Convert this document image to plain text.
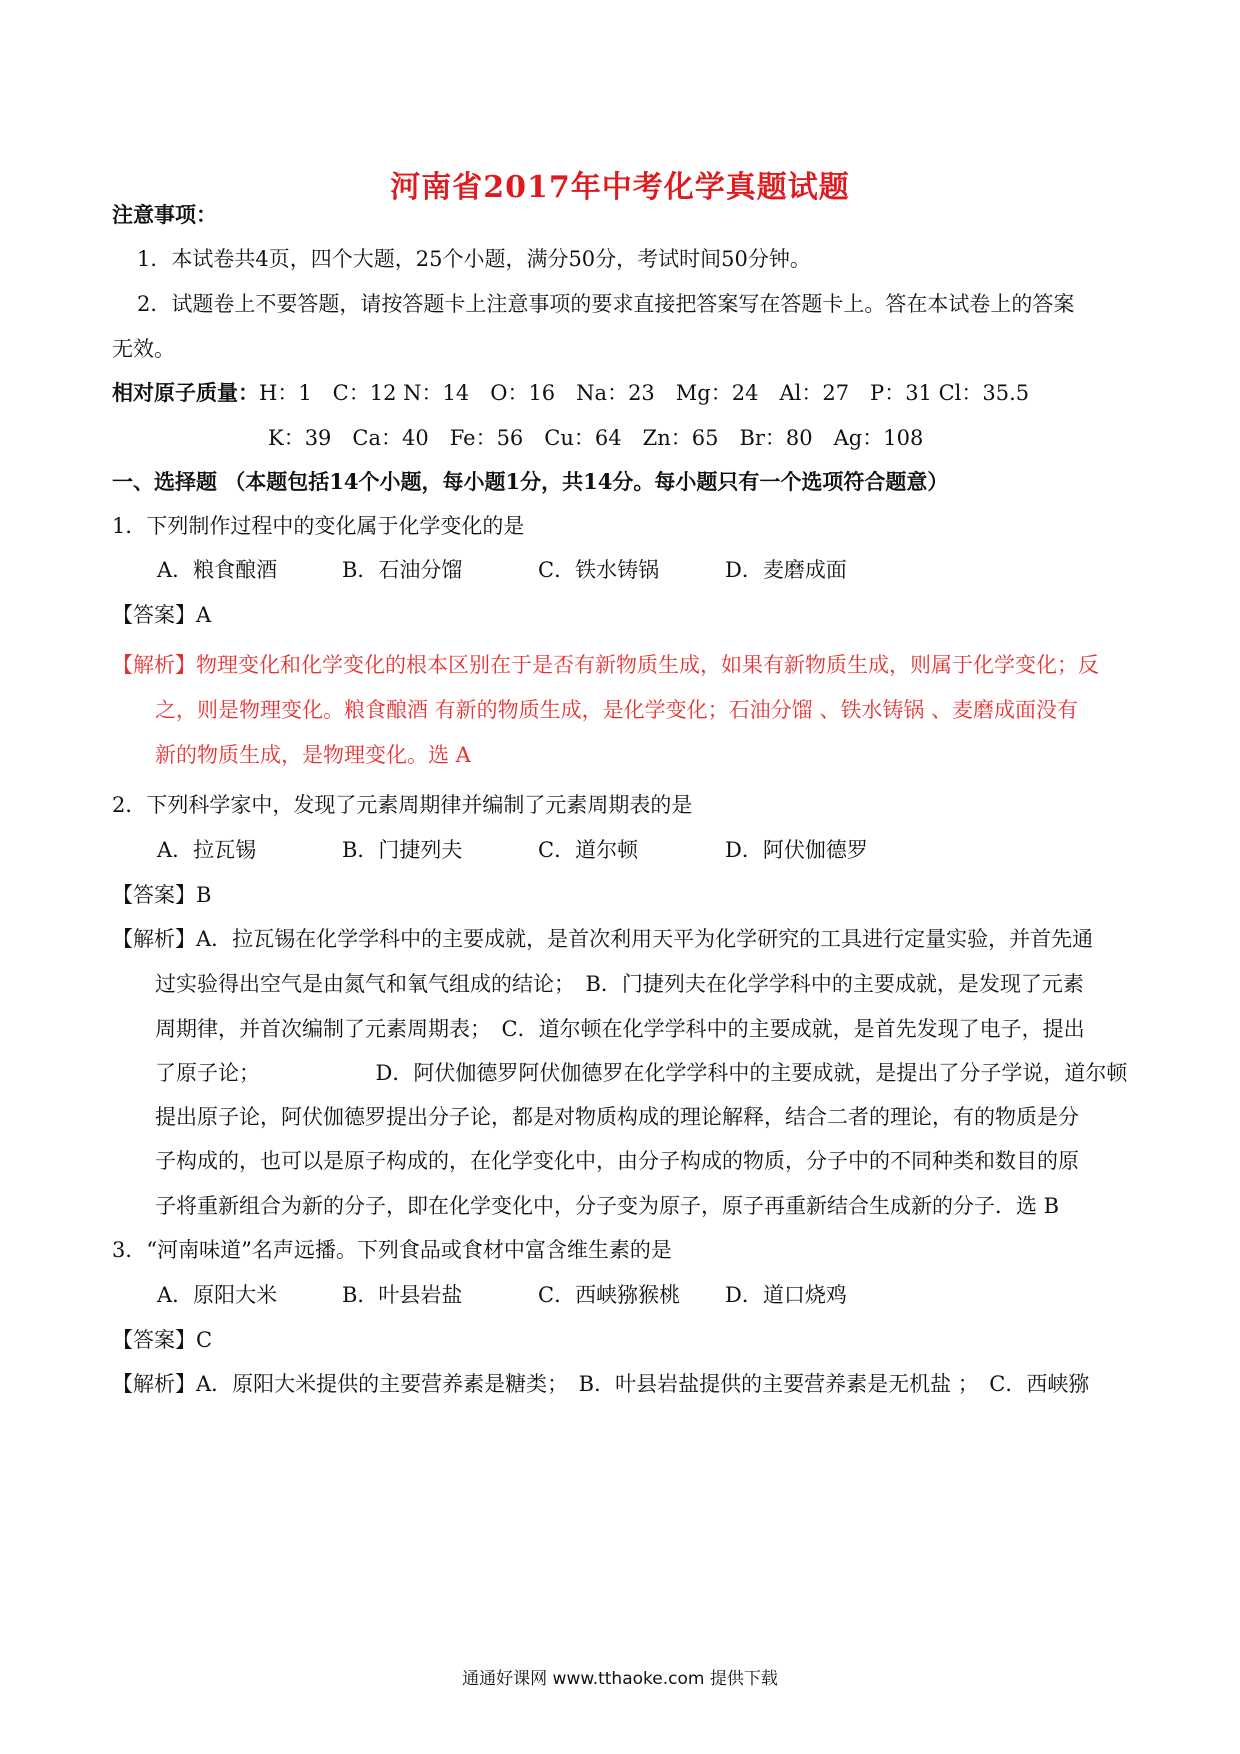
河南省2017年中考化学真题试题
注意事项：
1．本试卷共4页，四个大题，25个小题，满分50分，考试时间50分钟。
2．试题卷上不要答题，请按答题卡上注意事项的要求直接把答案写在答题卡上。答在本试卷上的答案
无效。
相对原子质量：H：1　C：12 N：14　O：16　Na：23　Mg：24　Al：27　P：31 Cl：35.5
K：39　Ca：40　Fe：56　Cu：64　Zn：65　Br：80　Ag：108
一、选择题 （本题包括14个小题，每小题1分，共14分。每小题只有一个选项符合题意）
1．下列制作过程中的变化属于化学变化的是
A．粮食酿酒	B．石油分馏	C．铁水铸锅	D．麦磨成面
【答案】A
【解析】物理变化和化学变化的根本区别在于是否有新物质生成，如果有新物质生成，则属于化学变化；反
之，则是物理变化。粮食酿酒 有新的物质生成，是化学变化；石油分馏 、铁水铸锅 、麦磨成面没有
新的物质生成，是物理变化。选 A
2．下列科学家中，发现了元素周期律并编制了元素周期表的是
A．拉瓦锡	B．门捷列夫	C．道尔顿	D．阿伏伽德罗
【答案】B
【解析】A．拉瓦锡在化学学科中的主要成就，是首次利用天平为化学研究的工具进行定量实验，并首先通
过实验得出空气是由氮气和氧气组成的结论；　B．门捷列夫在化学学科中的主要成就，是发现了元素
周期律，并首次编制了元素周期表；　C．道尔顿在化学学科中的主要成就，是首先发现了电子，提出
了原子论；　　　　　　D．阿伏伽德罗阿伏伽德罗在化学学科中的主要成就，是提出了分子学说，道尔顿
提出原子论，阿伏伽德罗提出分子论，都是对物质构成的理论解释，结合二者的理论，有的物质是分
子构成的，也可以是原子构成的，在化学变化中，由分子构成的物质，分子中的不同种类和数目的原
子将重新组合为新的分子，即在化学变化中，分子变为原子，原子再重新结合生成新的分子．选 B
3．“河南味道”名声远播。下列食品或食材中富含维生素的是
A．原阳大米	B．叶县岩盐	C．西峡猕猴桃 D．道口烧鸡
【答案】C
【解析】A．原阳大米提供的主要营养素是糖类；　B．叶县岩盐提供的主要营养素是无机盐 ；　C．西峡猕
通通好课网 www.tthaoke.com 提供下载
